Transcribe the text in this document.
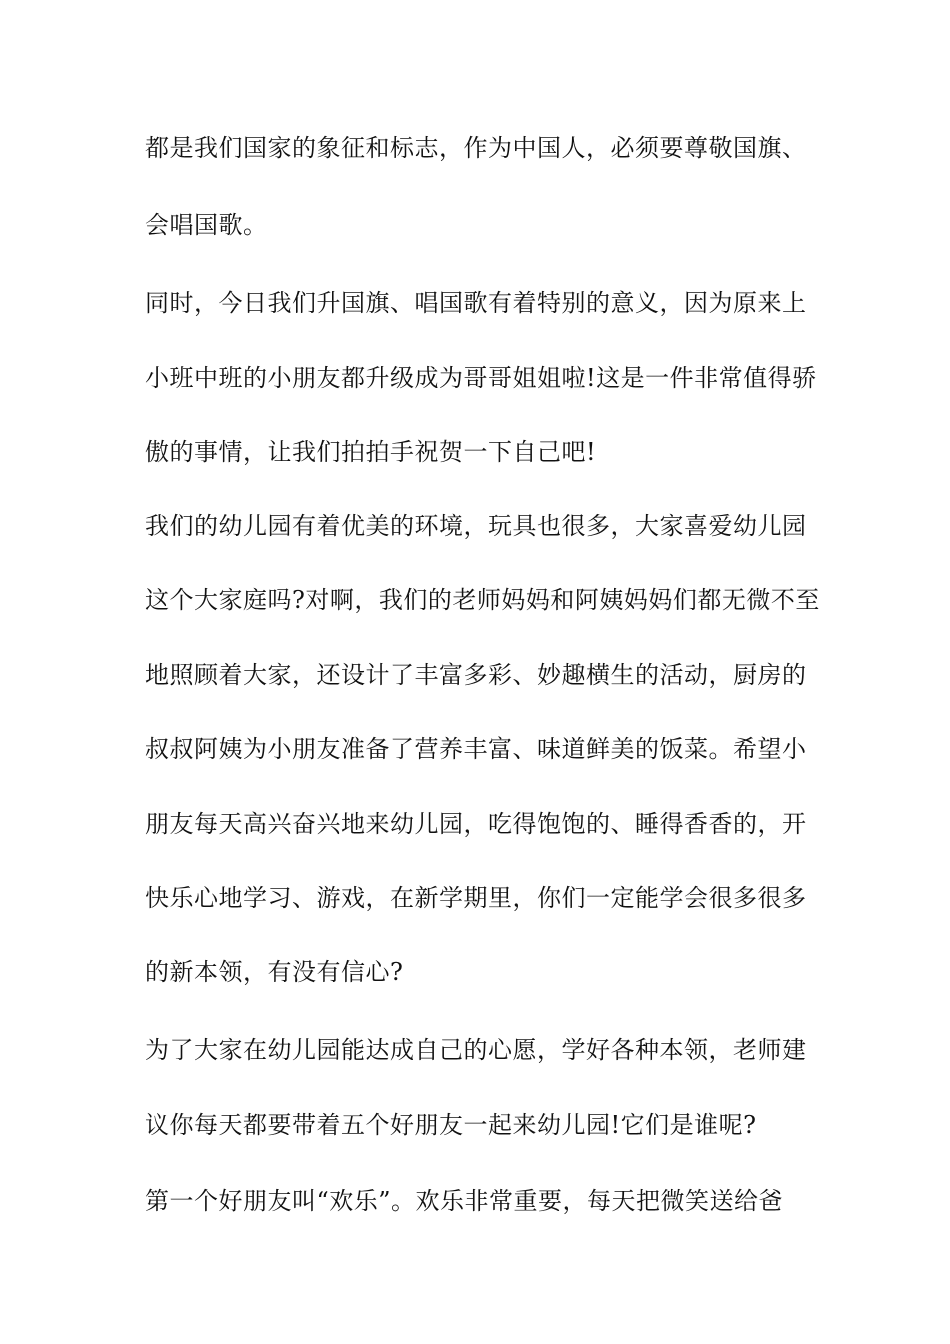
都是我们国家的象征和标志，作为中国人，必须要尊敬国旗、
会唱国歌。
同时，今日我们升国旗、唱国歌有着特别的意义，因为原来上
小班中班的小朋友都升级成为哥哥姐姐啦!这是一件非常值得骄
傲的事情，让我们拍拍手祝贺一下自己吧!
我们的幼儿园有着优美的环境，玩具也很多，大家喜爱幼儿园
这个大家庭吗?对啊，我们的老师妈妈和阿姨妈妈们都无微不至
地照顾着大家，还设计了丰富多彩、妙趣横生的活动，厨房的
叔叔阿姨为小朋友准备了营养丰富、味道鲜美的饭菜。希望小
朋友每天高兴奋兴地来幼儿园，吃得饱饱的、睡得香香的，开
快乐心地学习、游戏，在新学期里，你们一定能学会很多很多
的新本领，有没有信心?
为了大家在幼儿园能达成自己的心愿，学好各种本领，老师建
议你每天都要带着五个好朋友一起来幼儿园!它们是谁呢?
第一个好朋友叫“欢乐”。欢乐非常重要，每天把微笑送给爸
